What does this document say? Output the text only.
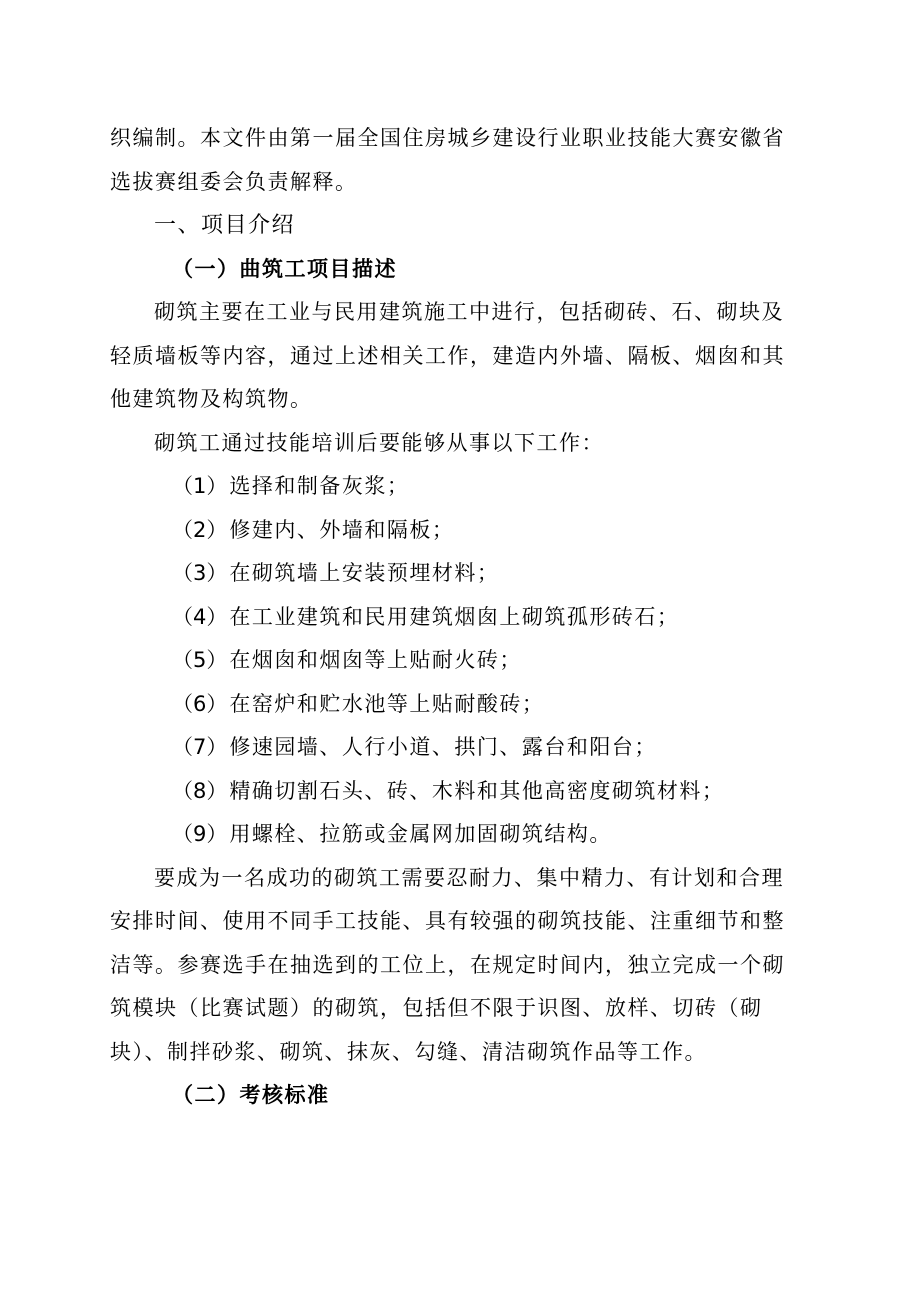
织编制。本文件由第一届全国住房城乡建设行业职业技能大赛安徽省
选拔赛组委会负责解释。
一、项目介绍
（一）曲筑工项目描述
砌筑主要在工业与民用建筑施工中进行，包括砌砖、石、砌块及
轻质墙板等内容，通过上述相关工作，建造内外墙、隔板、烟囱和其
他建筑物及构筑物。
砌筑工通过技能培训后要能够从事以下工作：
（1）选择和制备灰浆；
（2）修建内、外墙和隔板；
（3）在砌筑墙上安装预埋材料；
（4）在工业建筑和民用建筑烟囱上砌筑孤形砖石；
（5）在烟囱和烟囱等上贴耐火砖；
（6）在窑炉和贮水池等上贴耐酸砖；
（7）修速园墙、人行小道、拱门、露台和阳台；
（8）精确切割石头、砖、木料和其他高密度砌筑材料；
（9）用螺栓、拉筋或金属网加固砌筑结构。
要成为一名成功的砌筑工需要忍耐力、集中精力、有计划和合理
安排时间、使用不同手工技能、具有较强的砌筑技能、注重细节和整
洁等。参赛选手在抽选到的工位上，在规定时间内，独立完成一个砌
筑模块（比赛试题）的砌筑，包括但不限于识图、放样、切砖（砌
块）、制拌砂浆、砌筑、抹灰、勾缝、清洁砌筑作品等工作。
（二）考核标准
